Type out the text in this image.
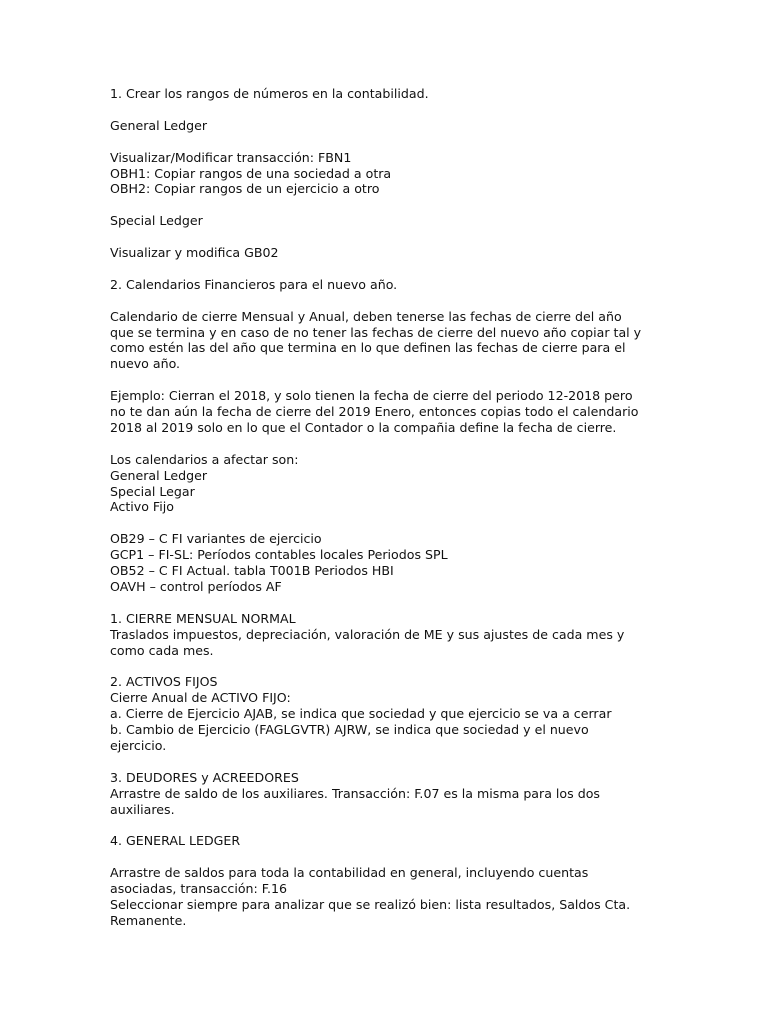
1. Crear los rangos de números en la contabilidad.
General Ledger
Visualizar/Modificar transacción: FBN1
OBH1: Copiar rangos de una sociedad a otra
OBH2: Copiar rangos de un ejercicio a otro
Special Ledger
Visualizar y modifica GB02
2. Calendarios Financieros para el nuevo año.
Calendario de cierre Mensual y Anual, deben tenerse las fechas de cierre del año
que se termina y en caso de no tener las fechas de cierre del nuevo año copiar tal y
como estén las del año que termina en lo que definen las fechas de cierre para el
nuevo año.
Ejemplo: Cierran el 2018, y solo tienen la fecha de cierre del periodo 12-2018 pero
no te dan aún la fecha de cierre del 2019 Enero, entonces copias todo el calendario
2018 al 2019 solo en lo que el Contador o la compañia define la fecha de cierre.
Los calendarios a afectar son:
General Ledger
Special Legar
Activo Fijo
OB29 – C FI variantes de ejercicio
GCP1 – FI-SL: Períodos contables locales Periodos SPL
OB52 – C FI Actual. tabla T001B Periodos HBI
OAVH – control períodos AF
1. CIERRE MENSUAL NORMAL
Traslados impuestos, depreciación, valoración de ME y sus ajustes de cada mes y
como cada mes.
2. ACTIVOS FIJOS
Cierre Anual de ACTIVO FIJO:
a. Cierre de Ejercicio AJAB, se indica que sociedad y que ejercicio se va a cerrar
b. Cambio de Ejercicio (FAGLGVTR) AJRW, se indica que sociedad y el nuevo
ejercicio.
3. DEUDORES y ACREEDORES
Arrastre de saldo de los auxiliares. Transacción: F.07 es la misma para los dos
auxiliares.
4. GENERAL LEDGER
Arrastre de saldos para toda la contabilidad en general, incluyendo cuentas
asociadas, transacción: F.16
Seleccionar siempre para analizar que se realizó bien: lista resultados, Saldos Cta.
Remanente.
